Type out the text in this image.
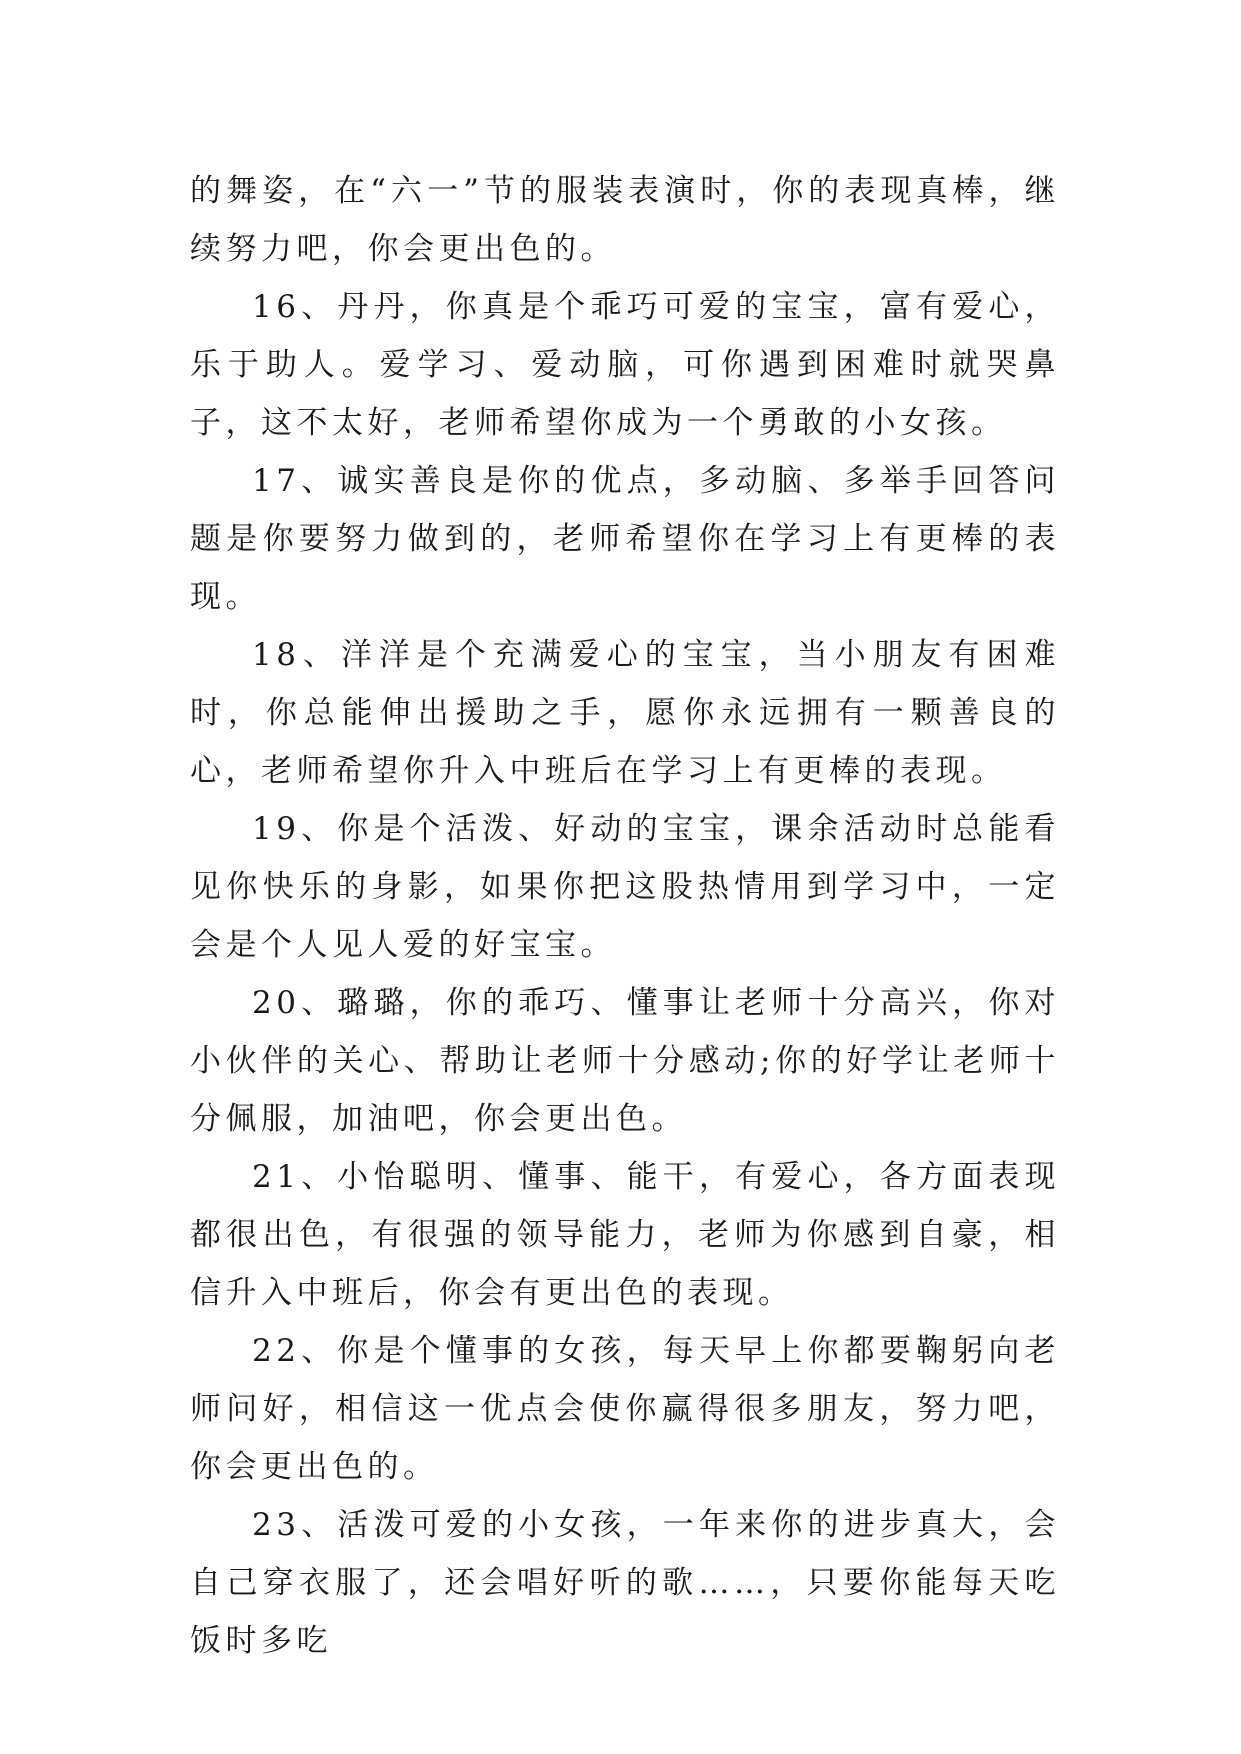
的舞姿，在“六一”节的服装表演时，你的表现真棒，继续努力吧，你会更出色的。

16、丹丹，你真是个乖巧可爱的宝宝，富有爱心，乐于助人。爱学习、爱动脑，可你遇到困难时就哭鼻子，这不太好，老师希望你成为一个勇敢的小女孩。

17、诚实善良是你的优点，多动脑、多举手回答问题是你要努力做到的，老师希望你在学习上有更棒的表现。

18、洋洋是个充满爱心的宝宝，当小朋友有困难时，你总能伸出援助之手，愿你永远拥有一颗善良的心，老师希望你升入中班后在学习上有更棒的表现。

19、你是个活泼、好动的宝宝，课余活动时总能看见你快乐的身影，如果你把这股热情用到学习中，一定会是个人见人爱的好宝宝。

20、璐璐，你的乖巧、懂事让老师十分高兴，你对小伙伴的关心、帮助让老师十分感动;你的好学让老师十分佩服，加油吧，你会更出色。

21、小怡聪明、懂事、能干，有爱心，各方面表现都很出色，有很强的领导能力，老师为你感到自豪，相信升入中班后，你会有更出色的表现。

22、你是个懂事的女孩，每天早上你都要鞠躬向老师问好，相信这一优点会使你赢得很多朋友，努力吧，你会更出色的。

23、活泼可爱的小女孩，一年来你的进步真大，会自己穿衣服了，还会唱好听的歌……，只要你能每天吃饭时多吃
